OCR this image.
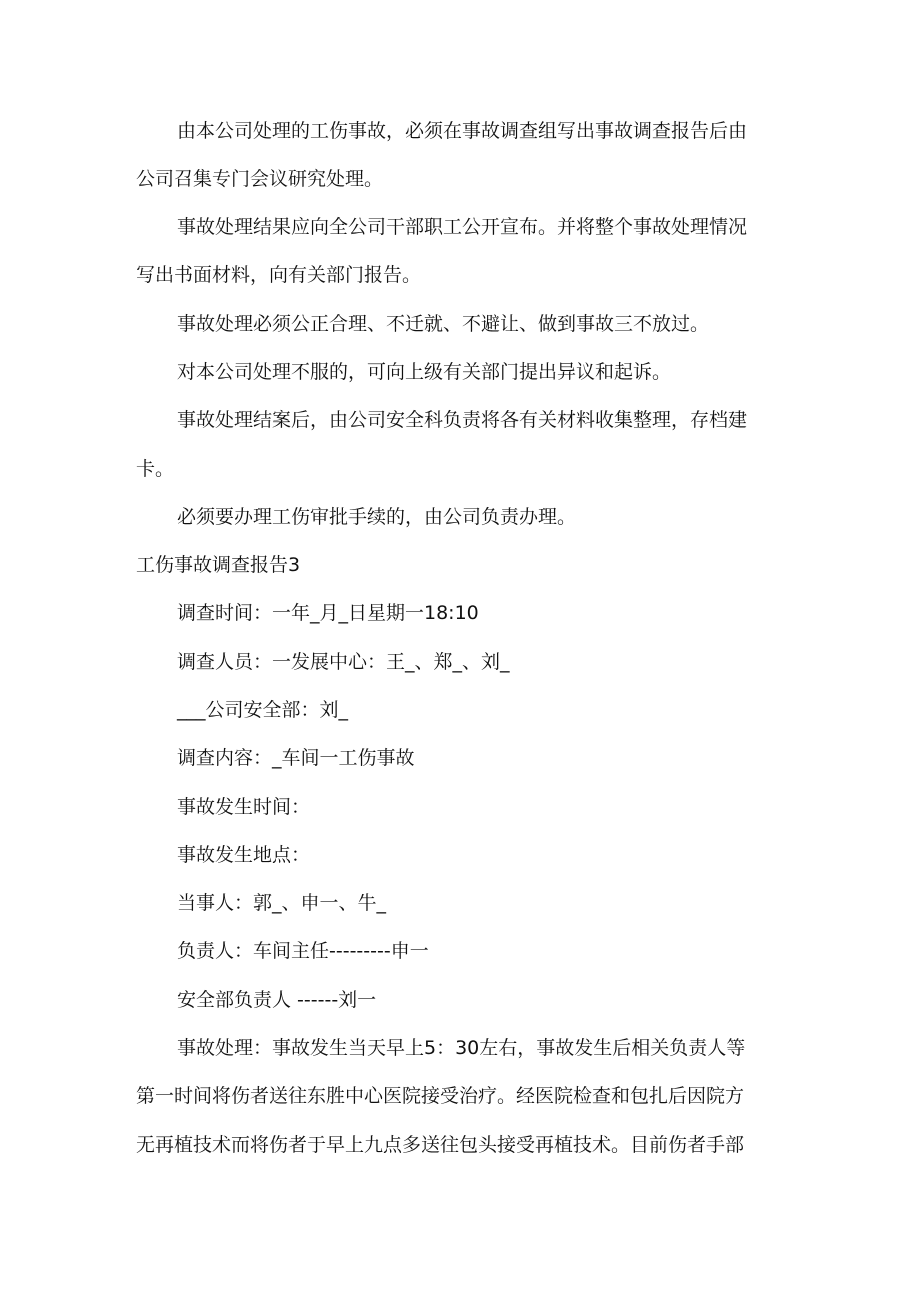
由本公司处理的工伤事故，必须在事故调查组写出事故调查报告后由
公司召集专门会议研究处理。
事故处理结果应向全公司干部职工公开宣布。并将整个事故处理情况
写出书面材料，向有关部门报告。
事故处理必须公正合理、不迁就、不避让、做到事故三不放过。
对本公司处理不服的，可向上级有关部门提出异议和起诉。
事故处理结案后，由公司安全科负责将各有关材料收集整理，存档建
卡。
必须要办理工伤审批手续的，由公司负责办理。
工伤事故调查报告3
调查时间：一年_月_日星期一18:10
调查人员：一发展中心：王_、郑_、刘_
___公司安全部：刘_
调查内容：_车间一工伤事故
事故发生时间：
事故发生地点：
当事人：郭_、申一、牛_
负责人：车间主任---------申一
安全部负责人 ------刘一
事故处理：事故发生当天早上5：30左右，事故发生后相关负责人等
第一时间将伤者送往东胜中心医院接受治疗。经医院检查和包扎后因院方
无再植技术而将伤者于早上九点多送往包头接受再植技术。目前伤者手部
